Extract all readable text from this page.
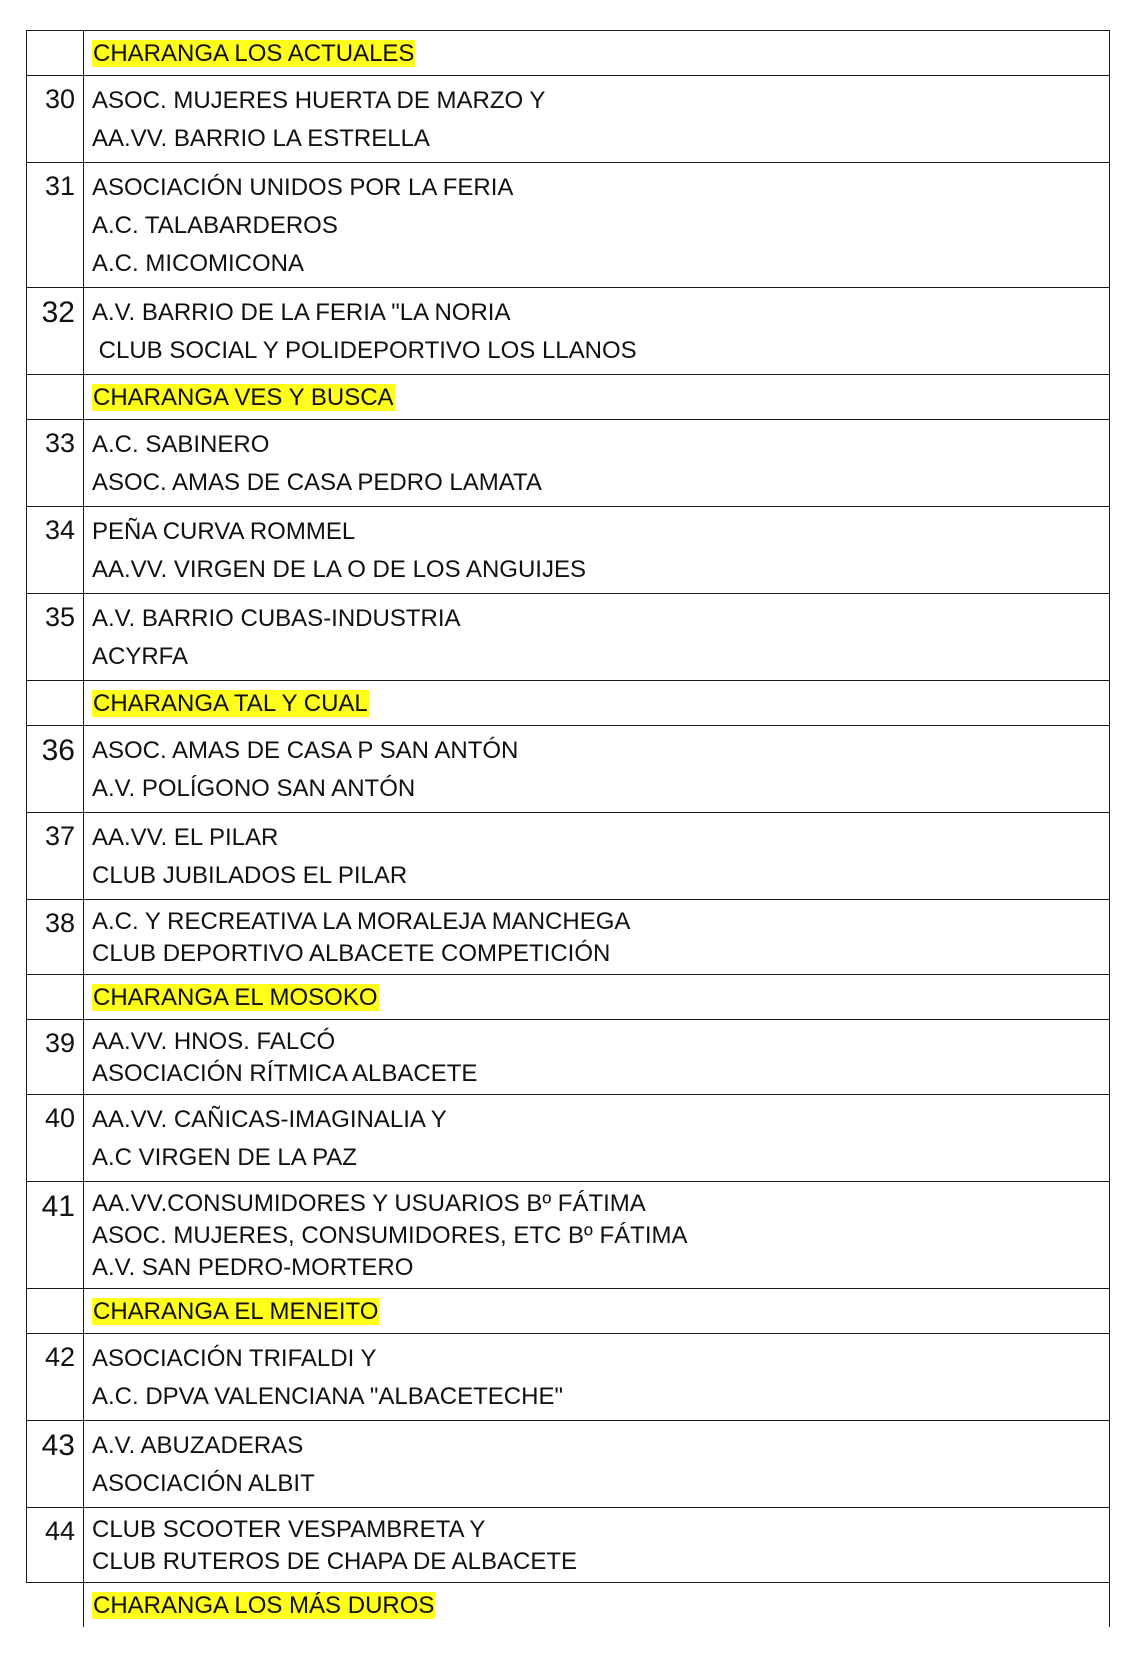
	CHARANGA LOS ACTUALES

30	ASOC. MUJERES HUERTA DE MARZO Y
AA.VV. BARRIO LA ESTRELLA

31	ASOCIACIÓN UNIDOS POR LA FERIA
A.C. TALABARDEROS
A.C. MICOMICONA

32	A.V. BARRIO DE LA FERIA "LA NORIA
CLUB SOCIAL Y POLIDEPORTIVO LOS LLANOS

	CHARANGA VES Y BUSCA

33	A.C. SABINERO
ASOC. AMAS DE CASA PEDRO LAMATA

34	PEÑA CURVA ROMMEL
AA.VV. VIRGEN DE LA O DE LOS ANGUIJES

35	A.V. BARRIO CUBAS-INDUSTRIA
ACYRFA

	CHARANGA TAL Y CUAL

36	ASOC. AMAS DE CASA P SAN ANTÓN
A.V. POLÍGONO SAN ANTÓN

37	AA.VV. EL PILAR
CLUB JUBILADOS EL PILAR

38	A.C. Y RECREATIVA LA MORALEJA MANCHEGA
CLUB DEPORTIVO ALBACETE COMPETICIÓN

	CHARANGA EL MOSOKO

39	AA.VV. HNOS. FALCÓ
ASOCIACIÓN RÍTMICA ALBACETE

40	AA.VV. CAÑICAS-IMAGINALIA Y
A.C VIRGEN DE LA PAZ

41	AA.VV.CONSUMIDORES Y USUARIOS Bº FÁTIMA
ASOC. MUJERES, CONSUMIDORES, ETC Bº FÁTIMA
A.V. SAN PEDRO-MORTERO

	CHARANGA EL MENEITO

42	ASOCIACIÓN TRIFALDI Y
A.C. DPVA VALENCIANA "ALBACETECHE"

43	A.V. ABUZADERAS
ASOCIACIÓN ALBIT

44	CLUB SCOOTER VESPAMBRETA Y
CLUB RUTEROS DE CHAPA DE ALBACETE

	CHARANGA LOS MÁS DUROS
